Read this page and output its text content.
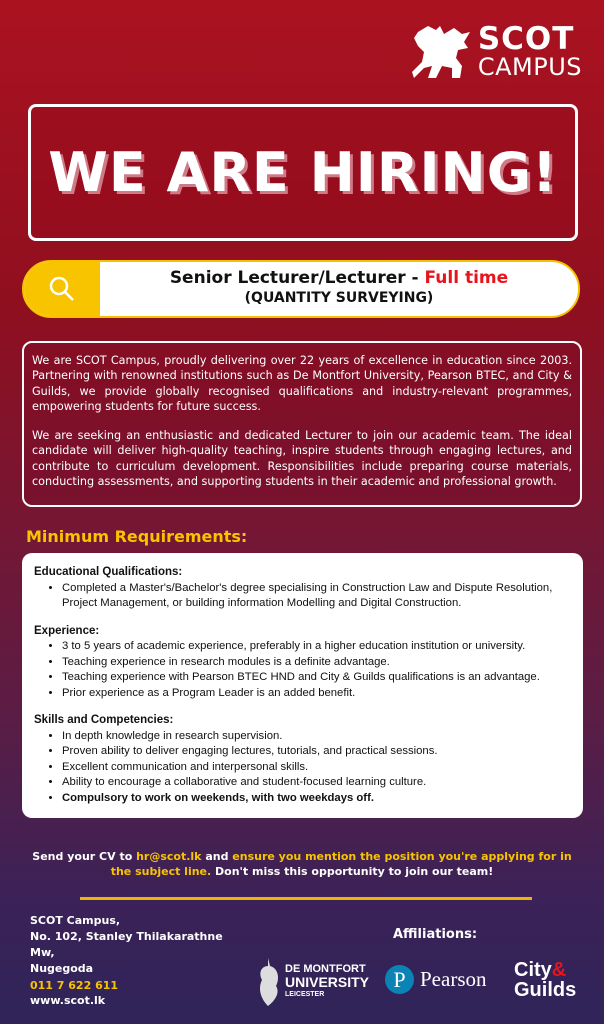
SCOT
CAMPUS
WE ARE HIRING!
Senior Lecturer/Lecturer - Full time
(QUANTITY SURVEYING)

We are SCOT Campus, proudly delivering over 22 years of excellence in education since 2003. Partnering with renowned institutions such as De Montfort University, Pearson BTEC, and City & Guilds, we provide globally recognised qualifications and industry-relevant programmes, empowering students for future success.

We are seeking an enthusiastic and dedicated Lecturer to join our academic team. The ideal candidate will deliver high-quality teaching, inspire students through engaging lectures, and contribute to curriculum development. Responsibilities include preparing course materials, conducting assessments, and supporting students in their academic and professional growth.

Minimum Requirements:
Educational Qualifications:
• Completed a Master's/Bachelor's degree specialising in Construction Law and Dispute Resolution, Project Management, or building information Modelling and Digital Construction.
Experience:
• 3 to 5 years of academic experience, preferably in a higher education institution or university.
• Teaching experience in research modules is a definite advantage.
• Teaching experience with Pearson BTEC HND and City & Guilds qualifications is an advantage.
• Prior experience as a Program Leader is an added benefit.
Skills and Competencies:
• In depth knowledge in research supervision.
• Proven ability to deliver engaging lectures, tutorials, and practical sessions.
• Excellent communication and interpersonal skills.
• Ability to encourage a collaborative and student-focused learning culture.
• Compulsory to work on weekends, with two weekdays off.
Send your CV to hr@scot.lk and ensure you mention the position you're applying for in the subject line. Don't miss this opportunity to join our team!
SCOT Campus,
No. 102, Stanley Thilakarathne
Mw,
Nugegoda
011 7 622 611
www.scot.lk
Affiliations:
DE MONTFORT
UNIVERSITY
LEICESTER
P Pearson City&
Guilds
